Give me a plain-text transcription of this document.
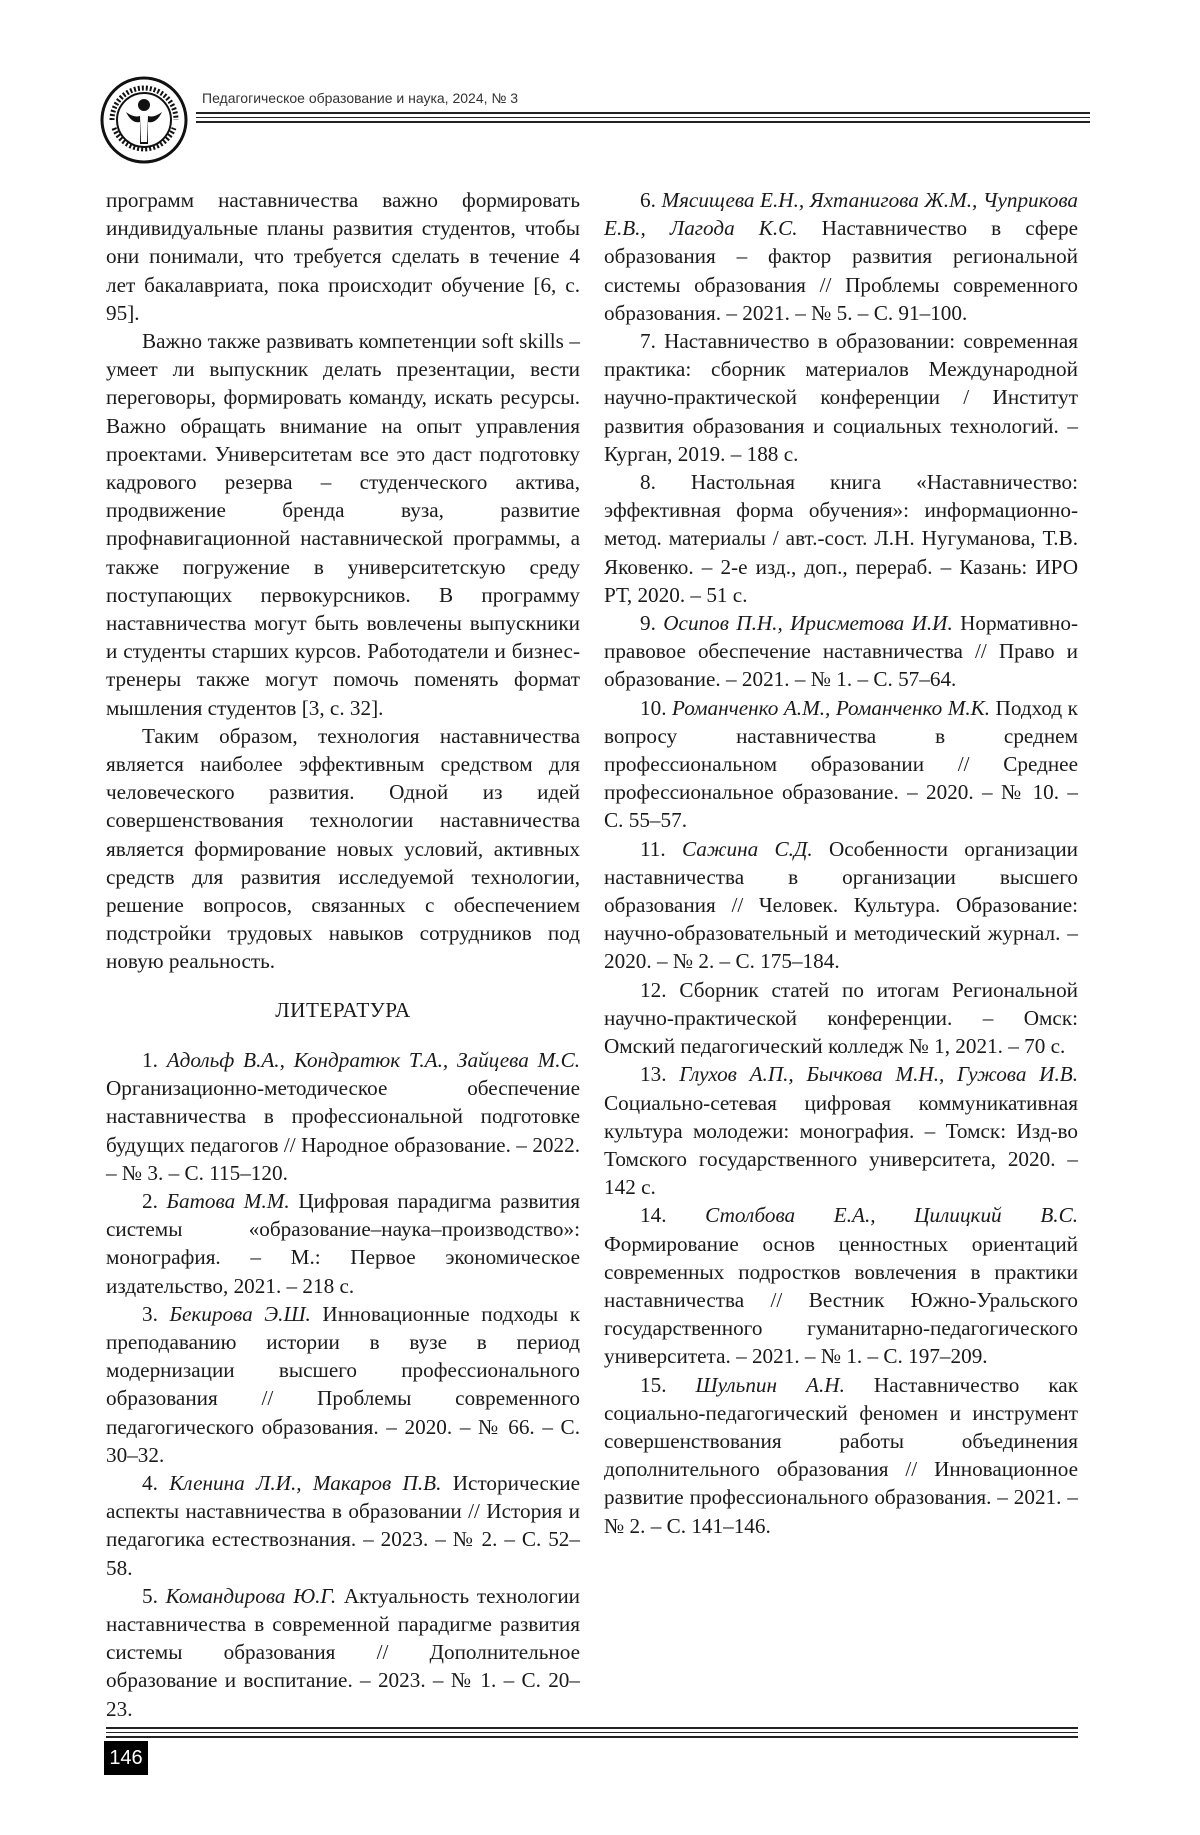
Педагогическое образование и наука, 2024, № 3

программ наставничества важно формировать индивидуальные планы развития студентов, чтобы они понимали, что требуется сделать в течение 4 лет бакалавриата, пока происходит обучение [6, с. 95].

Важно также развивать компетенции soft skills – умеет ли выпускник делать презентации, вести переговоры, формировать команду, искать ресурсы. Важно обращать внимание на опыт управления проектами. Университетам все это даст подготовку кадрового резерва – студенческого актива, продвижение бренда вуза, развитие профнавигационной наставнической программы, а также погружение в университетскую среду поступающих первокурсников. В программу наставничества могут быть вовлечены выпускники и студенты старших курсов. Работодатели и бизнес-тренеры также могут помочь поменять формат мышления студентов [3, с. 32].

Таким образом, технология наставничества является наиболее эффективным средством для человеческого развития. Одной из идей совершенствования технологии наставничества является формирование новых условий, активных средств для развития исследуемой технологии, решение вопросов, связанных с обеспечением подстройки трудовых навыков сотрудников под новую реальность.

ЛИТЕРАТУРА

1. Адольф В.А., Кондратюк Т.А., Зайцева М.С. Организационно-методическое обеспечение наставничества в профессиональной подготовке будущих педагогов // Народное образование. – 2022. – № 3. – С. 115–120.

2. Батова М.М. Цифровая парадигма развития системы «образование–наука–производство»: монография. – М.: Первое экономическое издательство, 2021. – 218 с.

3. Бекирова Э.Ш. Инновационные подходы к преподаванию истории в вузе в период модернизации высшего профессионального образования // Проблемы современного педагогического образования. – 2020. – № 66. – С. 30–32.

4. Кленина Л.И., Макаров П.В. Исторические аспекты наставничества в образовании // История и педагогика естествознания. – 2023. – № 2. – С. 52–58.

5. Командирова Ю.Г. Актуальность технологии наставничества в современной парадигме развития системы образования // Дополнительное образование и воспитание. – 2023. – № 1. – С. 20–23.

6. Мясищева Е.Н., Яхтанигова Ж.М., Чуприкова Е.В., Лагода К.С. Наставничество в сфере образования – фактор развития региональной системы образования // Проблемы современного образования. – 2021. – № 5. – С. 91–100.

7. Наставничество в образовании: современная практика: сборник материалов Международной научно-практической конференции / Институт развития образования и социальных технологий. – Курган, 2019. – 188 с.

8. Настольная книга «Наставничество: эффективная форма обучения»: информационно-метод. материалы / авт.-сост. Л.Н. Нугуманова, Т.В. Яковенко. – 2-е изд., доп., перераб. – Казань: ИРО РТ, 2020. – 51 с.

9. Осипов П.Н., Ирисметова И.И. Нормативно-правовое обеспечение наставничества // Право и образование. – 2021. – № 1. – С. 57–64.

10. Романченко А.М., Романченко М.К. Подход к вопросу наставничества в среднем профессиональном образовании // Среднее профессиональное образование. – 2020. – № 10. – С. 55–57.

11. Сажина С.Д. Особенности организации наставничества в организации высшего образования // Человек. Культура. Образование: научно-образовательный и методический журнал. – 2020. – № 2. – С. 175–184.

12. Сборник статей по итогам Региональной научно-практической конференции. – Омск: Омский педагогический колледж № 1, 2021. – 70 с.

13. Глухов А.П., Бычкова М.Н., Гужова И.В. Социально-сетевая цифровая коммуникативная культура молодежи: монография. – Томск: Изд-во Томского государственного университета, 2020. – 142 с.

14. Столбова Е.А., Цилицкий В.С. Формирование основ ценностных ориентаций современных подростков вовлечения в практики наставничества // Вестник Южно-Уральского государственного гуманитарно-педагогического университета. – 2021. – № 1. – С. 197–209.

15. Шульпин А.Н. Наставничество как социально-педагогический феномен и инструмент совершенствования работы объединения дополнительного образования // Инновационное развитие профессионального образования. – 2021. – № 2. – С. 141–146.

146
